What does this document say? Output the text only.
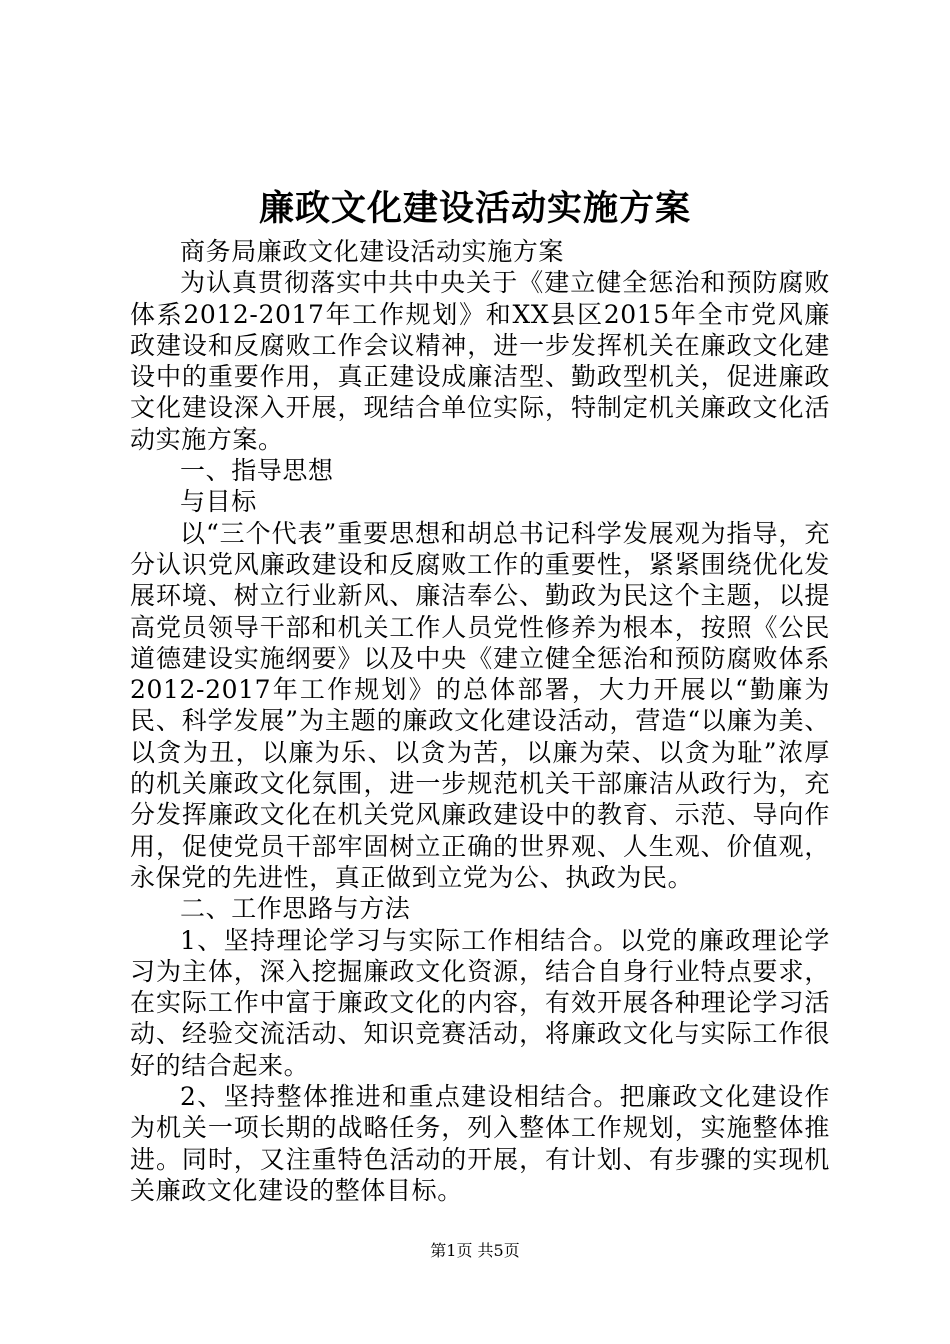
廉政文化建设活动实施方案

商务局廉政文化建设活动实施方案

为认真贯彻落实中共中央关于《建立健全惩治和预防腐败体系2012-2017年工作规划》和XX县区2015年全市党风廉政建设和反腐败工作会议精神，进一步发挥机关在廉政文化建设中的重要作用，真正建设成廉洁型、勤政型机关，促进廉政文化建设深入开展，现结合单位实际，特制定机关廉政文化活动实施方案。

一、指导思想

与目标

以“三个代表”重要思想和胡总书记科学发展观为指导，充分认识党风廉政建设和反腐败工作的重要性，紧紧围绕优化发展环境、树立行业新风、廉洁奉公、勤政为民这个主题，以提高党员领导干部和机关工作人员党性修养为根本，按照《公民道德建设实施纲要》以及中央《建立健全惩治和预防腐败体系2012-2017年工作规划》的总体部署，大力开展以“勤廉为民、科学发展”为主题的廉政文化建设活动，营造“以廉为美、以贪为丑，以廉为乐、以贪为苦，以廉为荣、以贪为耻”浓厚的机关廉政文化氛围，进一步规范机关干部廉洁从政行为，充分发挥廉政文化在机关党风廉政建设中的教育、示范、导向作用，促使党员干部牢固树立正确的世界观、人生观、价值观，永保党的先进性，真正做到立党为公、执政为民。

二、工作思路与方法

1、坚持理论学习与实际工作相结合。以党的廉政理论学习为主体，深入挖掘廉政文化资源，结合自身行业特点要求，在实际工作中富于廉政文化的内容，有效开展各种理论学习活动、经验交流活动、知识竞赛活动，将廉政文化与实际工作很好的结合起来。

2、坚持整体推进和重点建设相结合。把廉政文化建设作为机关一项长期的战略任务，列入整体工作规划，实施整体推进。同时，又注重特色活动的开展，有计划、有步骤的实现机关廉政文化建设的整体目标。

第1页 共5页
